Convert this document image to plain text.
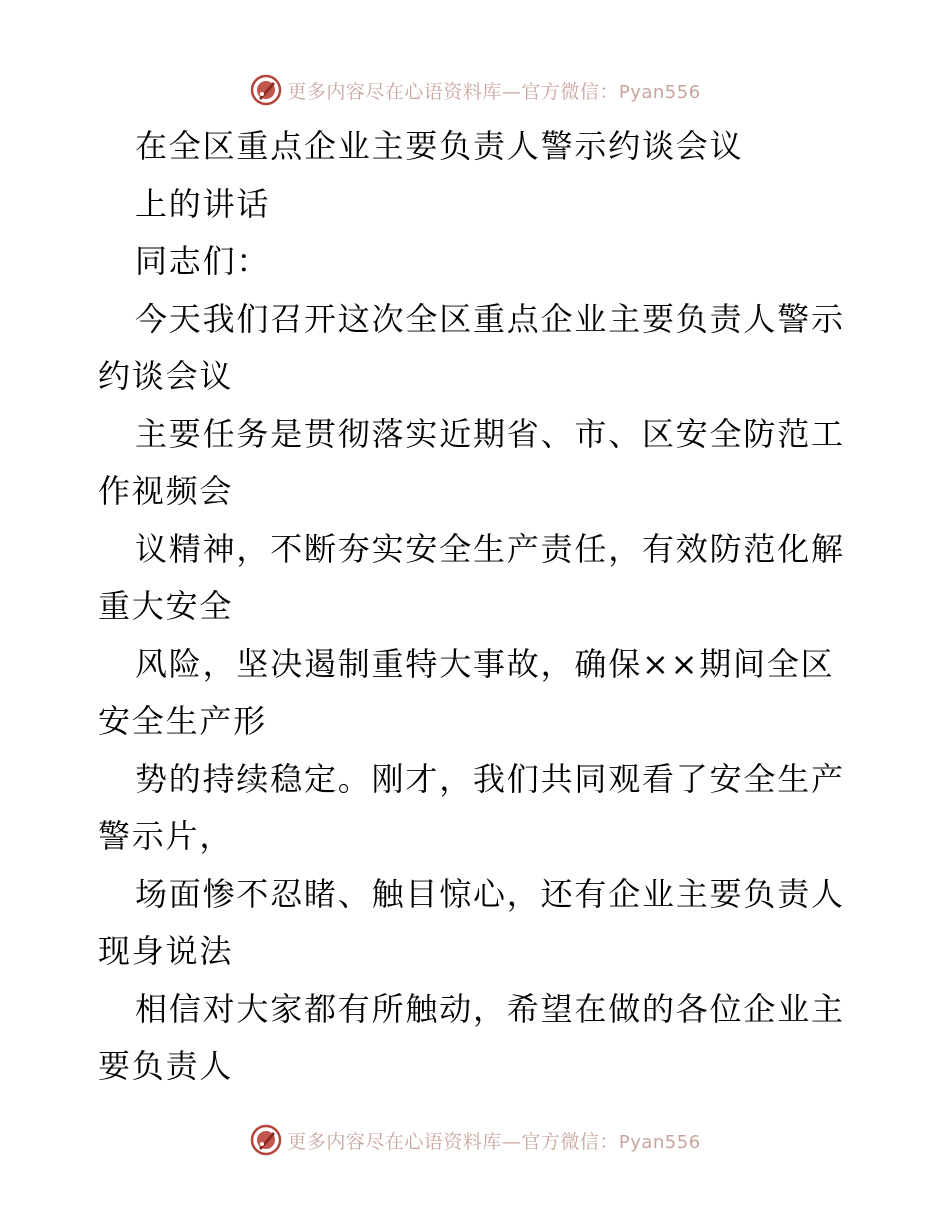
更多内容尽在心语资料库—官方微信：Pyan556
在全区重点企业主要负责人警示约谈会议
上的讲话
同志们：
今天我们召开这次全区重点企业主要负责人警示
约谈会议
主要任务是贯彻落实近期省、市、区安全防范工
作视频会
议精神，不断夯实安全生产责任，有效防范化解
重大安全
风险，坚决遏制重特大事故，确保××期间全区
安全生产形
势的持续稳定。刚才，我们共同观看了安全生产
警示片，
场面惨不忍睹、触目惊心，还有企业主要负责人
现身说法
相信对大家都有所触动，希望在做的各位企业主
要负责人
更多内容尽在心语资料库—官方微信：Pyan556
